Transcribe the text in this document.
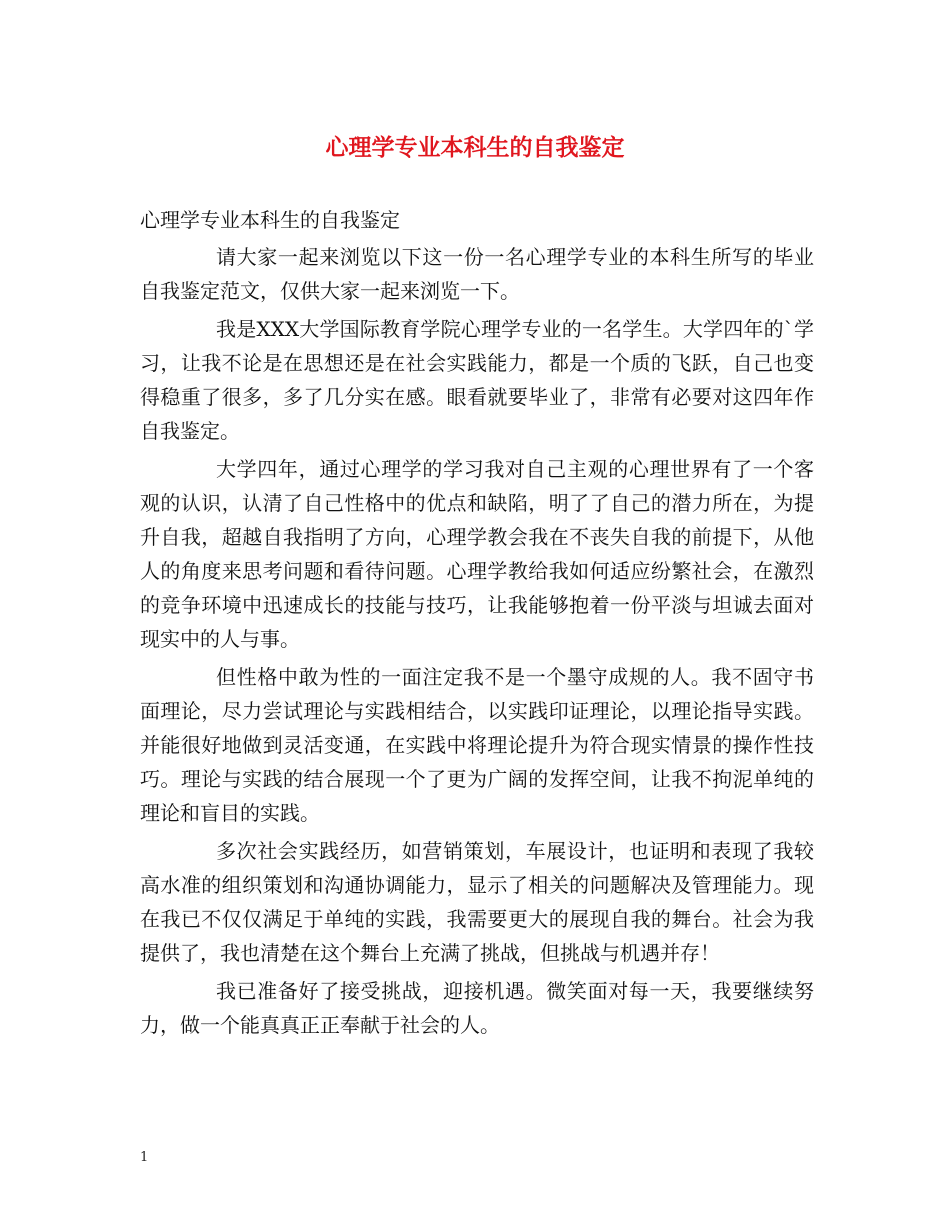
心理学专业本科生的自我鉴定

心理学专业本科生的自我鉴定

请大家一起来浏览以下这一份一名心理学专业的本科生所写的毕业自我鉴定范文，仅供大家一起来浏览一下。

我是XXX大学国际教育学院心理学专业的一名学生。大学四年的`学习，让我不论是在思想还是在社会实践能力，都是一个质的飞跃，自己也变得稳重了很多，多了几分实在感。眼看就要毕业了，非常有必要对这四年作自我鉴定。

大学四年，通过心理学的学习我对自己主观的心理世界有了一个客观的认识，认清了自己性格中的优点和缺陷，明了了自己的潜力所在，为提升自我，超越自我指明了方向，心理学教会我在不丧失自我的前提下，从他人的角度来思考问题和看待问题。心理学教给我如何适应纷繁社会，在激烈的竞争环境中迅速成长的技能与技巧，让我能够抱着一份平淡与坦诚去面对现实中的人与事。

但性格中敢为性的一面注定我不是一个墨守成规的人。我不固守书面理论，尽力尝试理论与实践相结合，以实践印证理论，以理论指导实践。并能很好地做到灵活变通，在实践中将理论提升为符合现实情景的操作性技巧。理论与实践的结合展现一个了更为广阔的发挥空间，让我不拘泥单纯的理论和盲目的实践。

多次社会实践经历，如营销策划，车展设计，也证明和表现了我较高水准的组织策划和沟通协调能力，显示了相关的问题解决及管理能力。现在我已不仅仅满足于单纯的实践，我需要更大的展现自我的舞台。社会为我提供了，我也清楚在这个舞台上充满了挑战，但挑战与机遇并存！

我已准备好了接受挑战，迎接机遇。微笑面对每一天，我要继续努力，做一个能真真正正奉献于社会的人。

1
